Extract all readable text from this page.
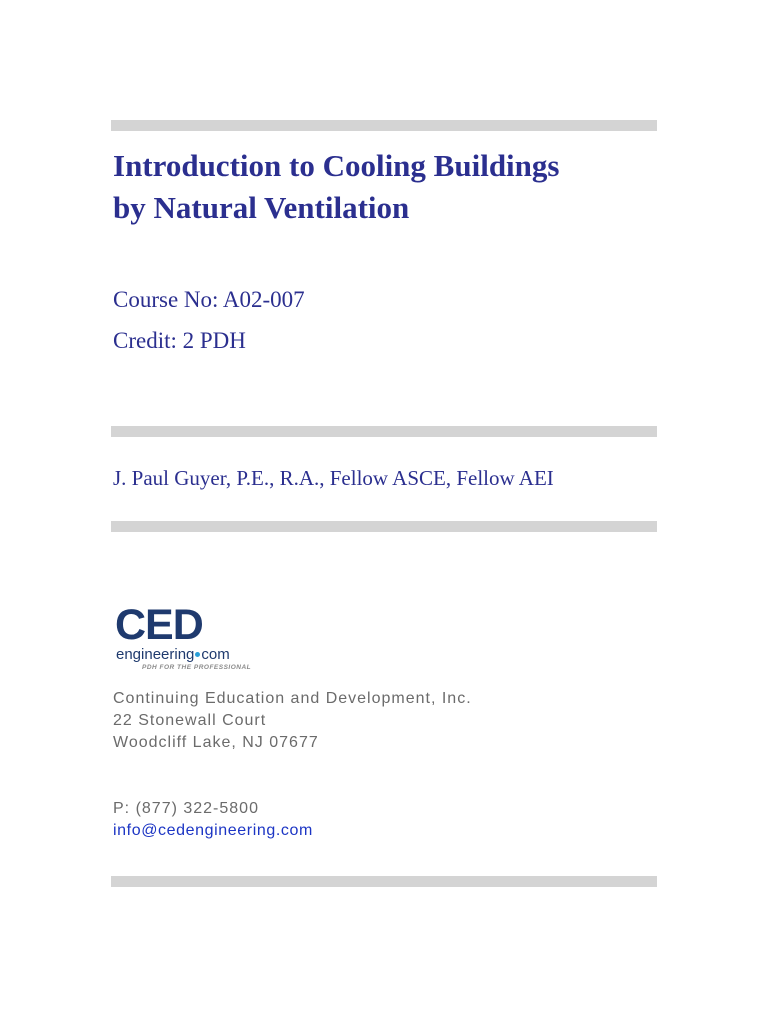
Introduction to Cooling Buildings
by Natural Ventilation
Course No: A02-007
Credit: 2 PDH
J. Paul Guyer, P.E., R.A., Fellow ASCE, Fellow AEI
CED
engineering com
PDH FOR THE PROFESSIONAL
Continuing Education and Development, Inc.
22 Stonewall Court
Woodcliff Lake, NJ 07677
P: (877) 322-5800
info@cedengineering.com
